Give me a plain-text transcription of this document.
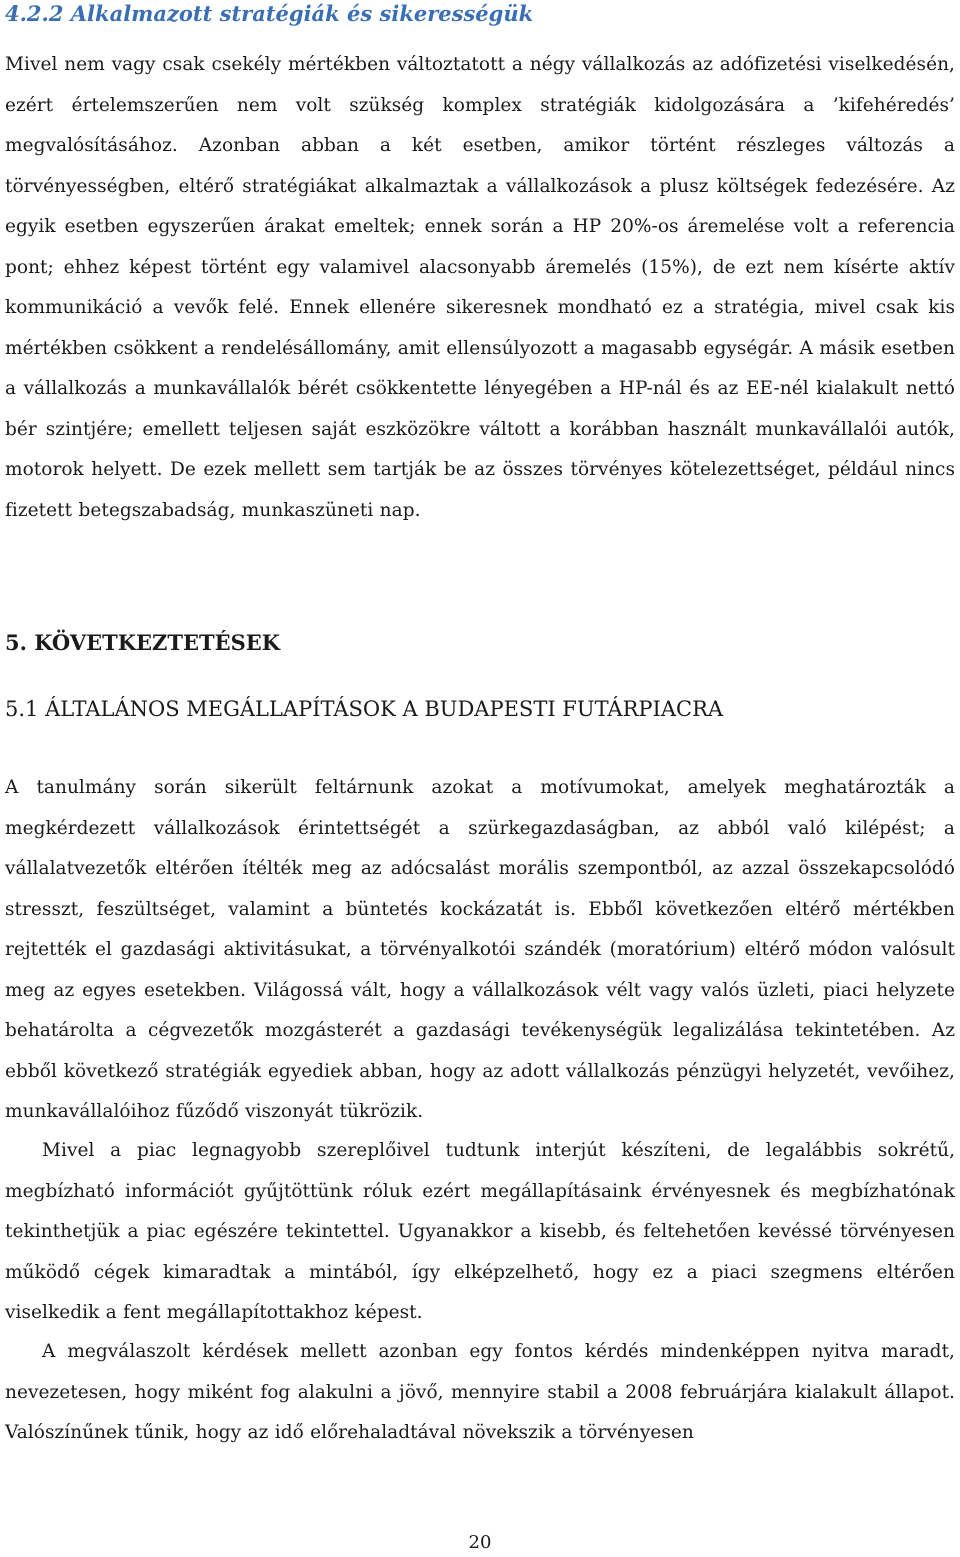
4.2.2 Alkalmazott stratégiák és sikerességük

Mivel nem vagy csak csekély mértékben változtatott a négy vállalkozás az adófizetési viselkedésén, ezért értelemszerűen nem volt szükség komplex stratégiák kidolgozására a ’kifehéredés’ megvalósításához. Azonban abban a két esetben, amikor történt részleges változás a törvényességben, eltérő stratégiákat alkalmaztak a vállalkozások a plusz költségek fedezésére. Az egyik esetben egyszerűen árakat emeltek; ennek során a HP 20%-os áremelése volt a referencia pont; ehhez képest történt egy valamivel alacsonyabb áremelés (15%), de ezt nem kísérte aktív kommunikáció a vevők felé. Ennek ellenére sikeresnek mondható ez a stratégia, mivel csak kis mértékben csökkent a rendelésállomány, amit ellensúlyozott a magasabb egységár. A másik esetben a vállalkozás a munkavállalók bérét csökkentette lényegében a HP-nál és az EE-nél kialakult nettó bér szintjére; emellett teljesen saját eszközökre váltott a korábban használt munkavállalói autók, motorok helyett. De ezek mellett sem tartják be az összes törvényes kötelezettséget, például nincs fizetett betegszabadság, munkaszüneti nap.

5. KÖVETKEZTETÉSEK
5.1 ÁLTALÁNOS MEGÁLLAPÍTÁSOK A BUDAPESTI FUTÁRPIACRA

A tanulmány során sikerült feltárnunk azokat a motívumokat, amelyek meghatározták a megkérdezett vállalkozások érintettségét a szürkegazdaságban, az abból való kilépést; a vállalatvezetők eltérően ítélték meg az adócsalást morális szempontból, az azzal összekapcsolódó stresszt, feszültséget, valamint a büntetés kockázatát is. Ebből következően eltérő mértékben rejtették el gazdasági aktivitásukat, a törvényalkotói szándék (moratórium) eltérő módon valósult meg az egyes esetekben. Világossá vált, hogy a vállalkozások vélt vagy valós üzleti, piaci helyzete behatárolta a cégvezetők mozgásterét a gazdasági tevékenységük legalizálása tekintetében. Az ebből következő stratégiák egyediek abban, hogy az adott vállalkozás pénzügyi helyzetét, vevőihez, munkavállalóihoz fűződő viszonyát tükrözik.

Mivel a piac legnagyobb szereplőivel tudtunk interjút készíteni, de legalábbis sokrétű, megbízható információt gyűjtöttünk róluk ezért megállapításaink érvényesnek és megbízhatónak tekinthetjük a piac egészére tekintettel. Ugyanakkor a kisebb, és feltehetően kevéssé törvényesen működő cégek kimaradtak a mintából, így elképzelhető, hogy ez a piaci szegmens eltérően viselkedik a fent megállapítottakhoz képest.

A megválaszolt kérdések mellett azonban egy fontos kérdés mindenképpen nyitva maradt, nevezetesen, hogy miként fog alakulni a jövő, mennyire stabil a 2008 februárjára kialakult állapot. Valószínűnek tűnik, hogy az idő előrehaladtával növekszik a törvényesen

20
